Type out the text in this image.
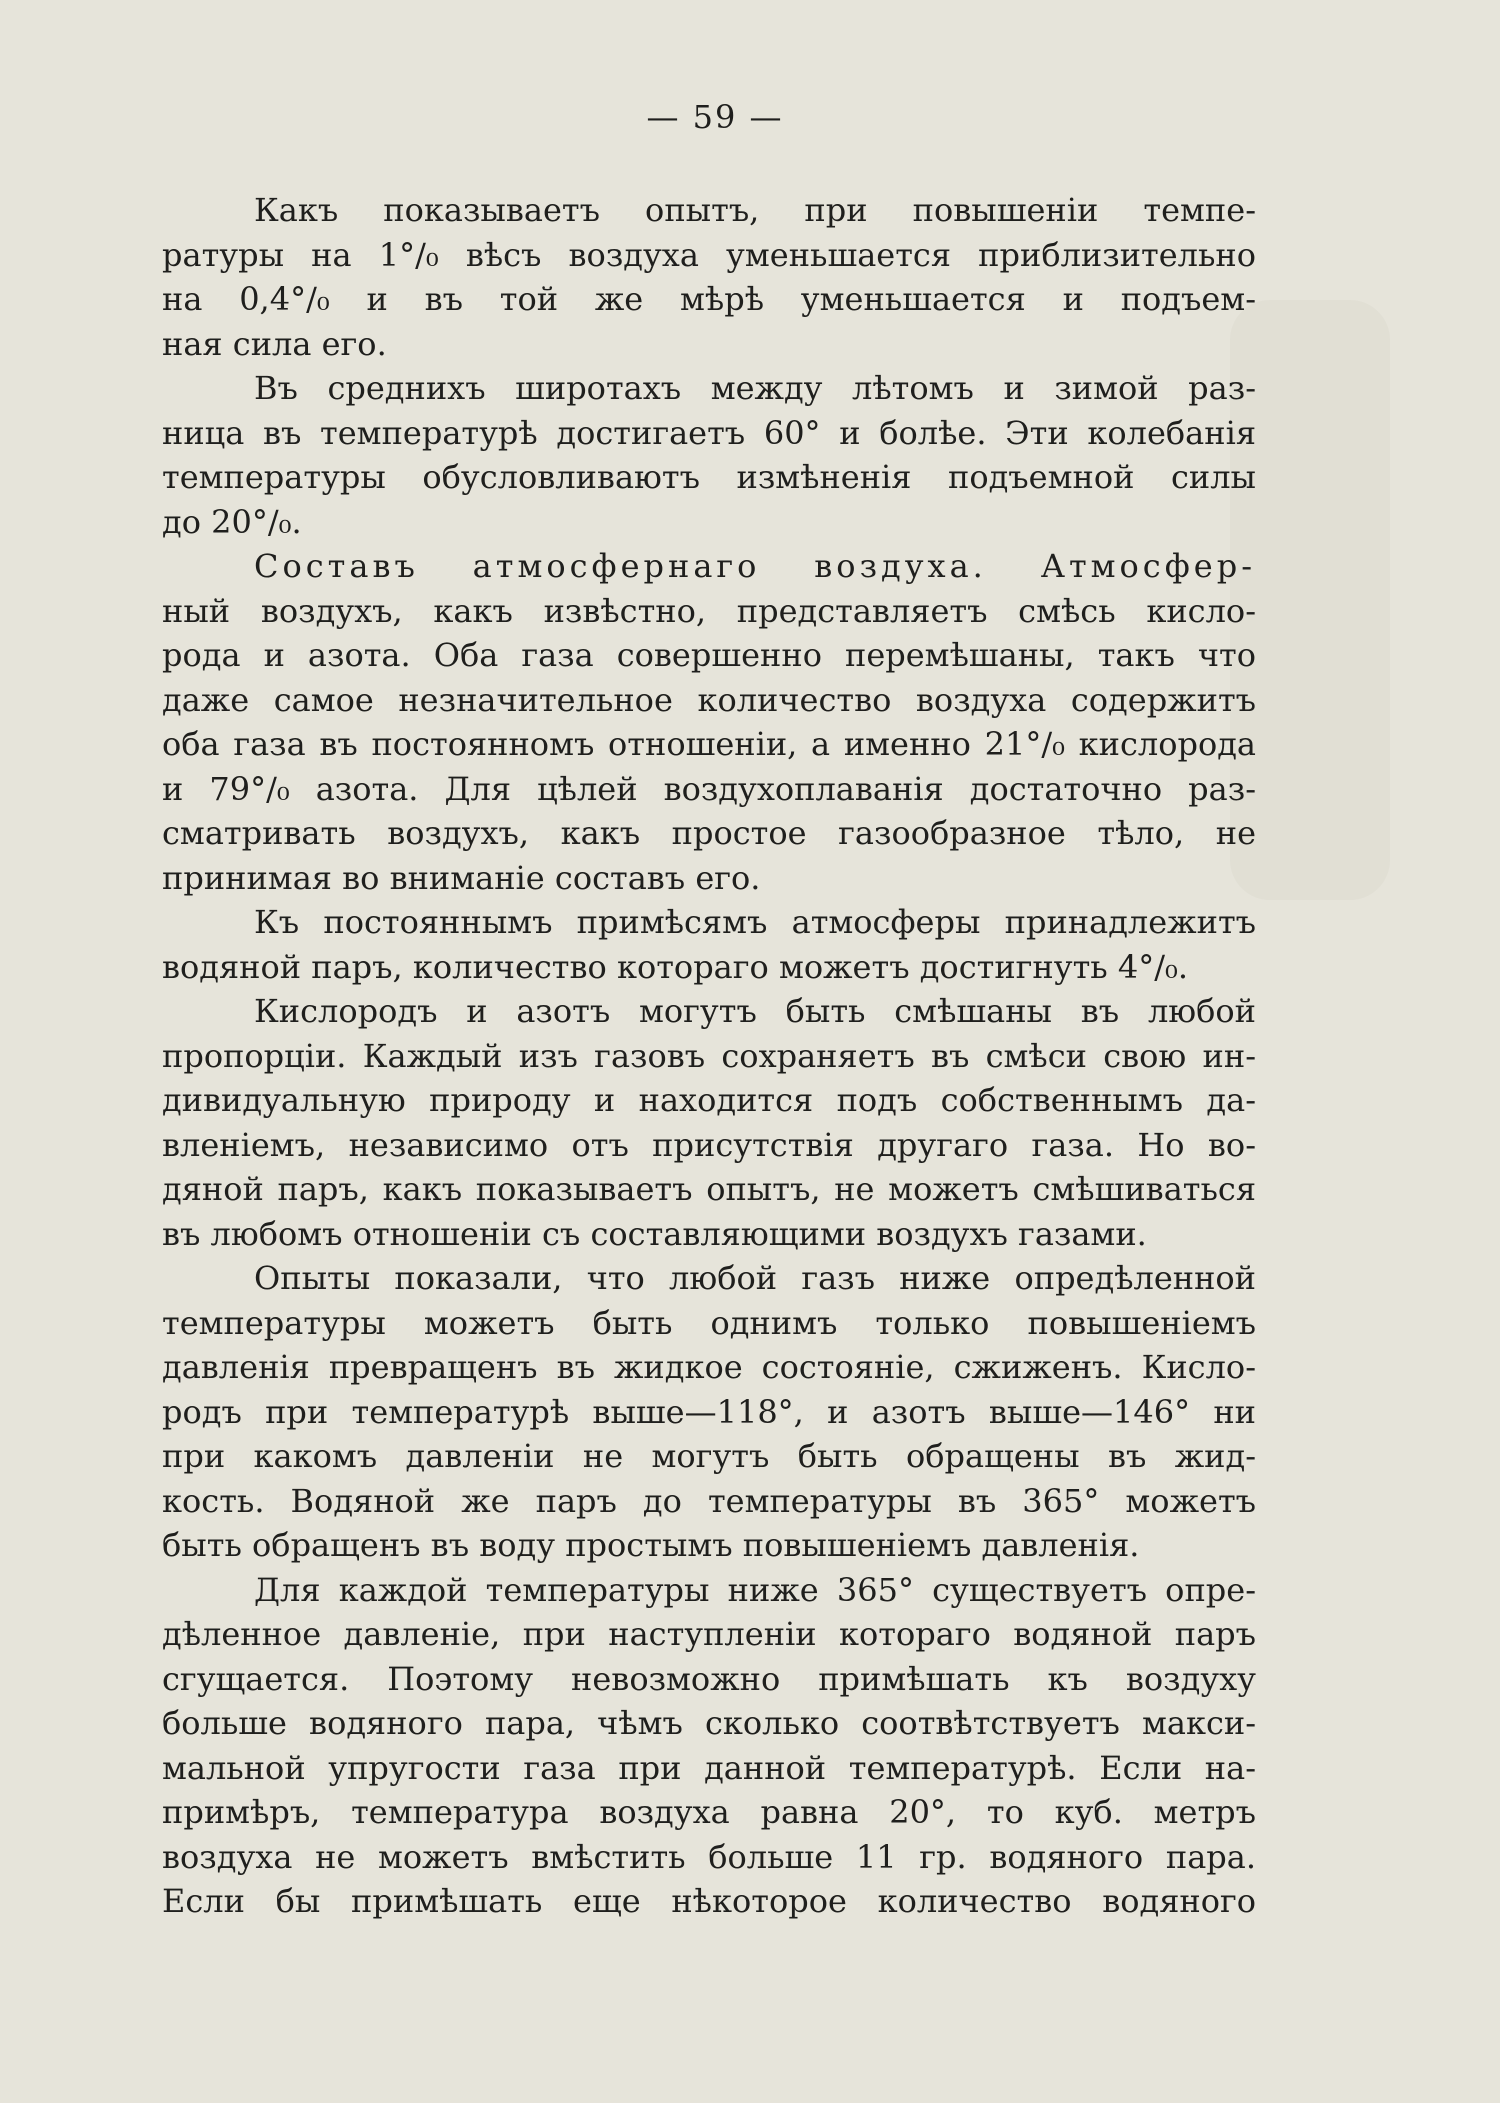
— 59 —
Какъ показываетъ опытъ, при повышенiи темпе-
ратуры на 1°/₀ вѣсъ воздуха уменьшается приблизительно
на 0,4°/₀ и въ той же мѣрѣ уменьшается и подъем-
ная сила его.
Въ среднихъ широтахъ между лѣтомъ и зимой раз-
ница въ температурѣ достигаетъ 60° и болѣе. Эти колебанiя
температуры обусловливаютъ измѣненiя подъемной силы
до 20°/₀.
Составъ атмосфернаго воздуха. Атмосфер-
ный воздухъ, какъ извѣстно, представляетъ смѣсь кисло-
рода и азота. Оба газа совершенно перемѣшаны, такъ что
даже самое незначительное количество воздуха содержитъ
оба газа въ постоянномъ отношенiи, а именно 21°/₀ кислорода
и 79°/₀ азота. Для цѣлей воздухоплаванiя достаточно раз-
сматривать воздухъ, какъ простое газообразное тѣло, не
принимая во вниманiе составъ его.
Къ постояннымъ примѣсямъ атмосферы принадлежитъ
водяной паръ, количество котораго можетъ достигнуть 4°/₀.
Кислородъ и азотъ могутъ быть смѣшаны въ любой
пропорцiи. Каждый изъ газовъ сохраняетъ въ смѣси свою ин-
дивидуальную природу и находится подъ собственнымъ да-
вленiемъ, независимо отъ присутствiя другаго газа. Но во-
дяной паръ, какъ показываетъ опытъ, не можетъ смѣшиваться
въ любомъ отношенiи съ составляющими воздухъ газами.
Опыты показали, что любой газъ ниже опредѣленной
температуры можетъ быть однимъ только повышенiемъ
давленiя превращенъ въ жидкое состоянiе, сжиженъ. Кисло-
родъ при температурѣ выше—118°, и азотъ выше—146° ни
при какомъ давленiи не могутъ быть обращены въ жид-
кость. Водяной же паръ до температуры въ 365° можетъ
быть обращенъ въ воду простымъ повышенiемъ давленiя.
Для каждой температуры ниже 365° существуетъ опре-
дѣленное давленiе, при наступленiи котораго водяной паръ
сгущается. Поэтому невозможно примѣшать къ воздуху
больше водяного пара, чѣмъ сколько соотвѣтствуетъ макси-
мальной упругости газа при данной температурѣ. Если на-
примѣръ, температура воздуха равна 20°, то куб. метръ
воздуха не можетъ вмѣстить больше 11 гр. водяного пара.
Если бы примѣшать еще нѣкоторое количество водяного
